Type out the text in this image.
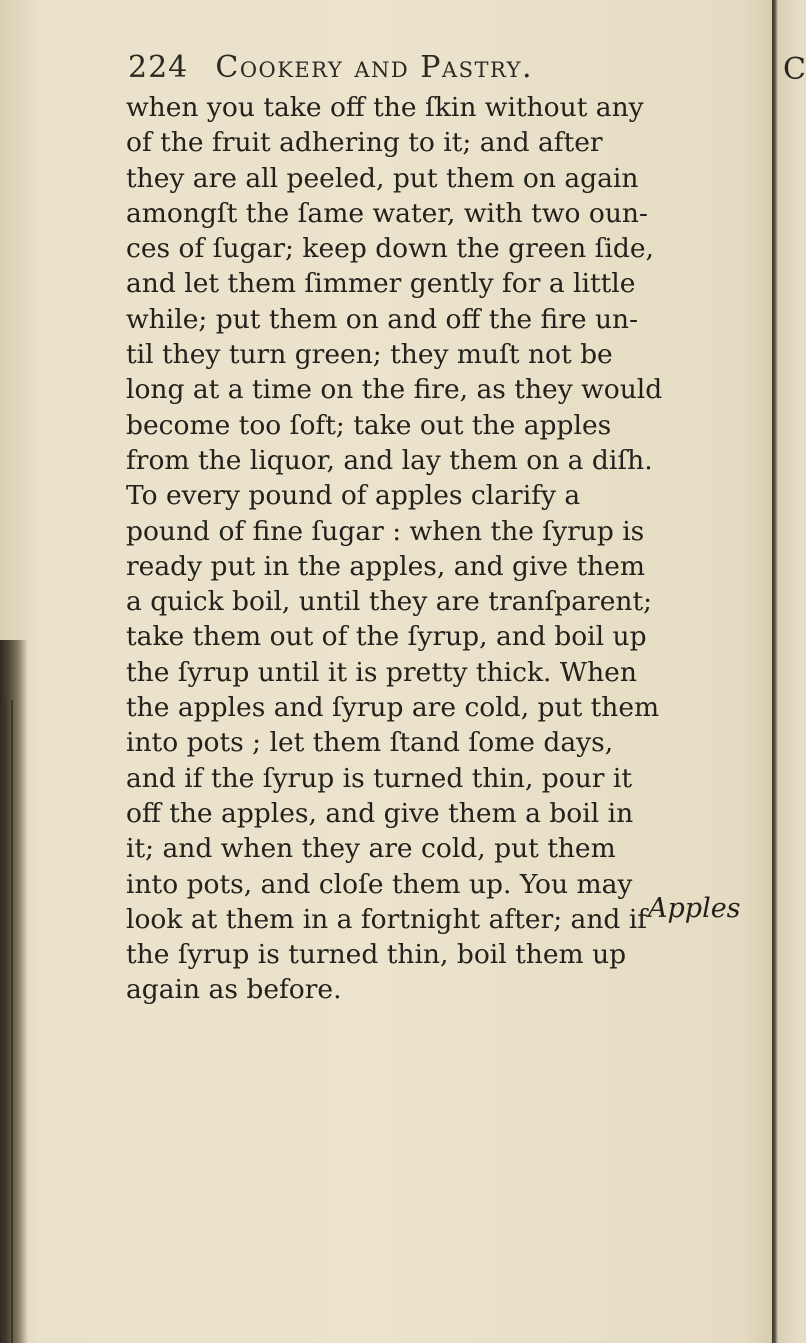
C
224 Cookery and Pastry.
when you take off the ſkin without any
of the fruit adhering to it; and after
they are all peeled, put them on again
amongſt the ſame water, with two oun-
ces of ſugar; keep down the green ſide,
and let them ſimmer gently for a little
while; put them on and off the fire un-
til they turn green; they muſt not be
long at a time on the fire, as they would
become too ſoft; take out the apples
from the liquor, and lay them on a diſh.
To every pound of apples clarify a
pound of fine ſugar : when the ſyrup is
ready put in the apples, and give them
a quick boil, until they are tranſparent;
take them out of the ſyrup, and boil up
the ſyrup until it is pretty thick. When
the apples and ſyrup are cold, put them
into pots ; let them ſtand ſome days,
and if the ſyrup is turned thin, pour it
off the apples, and give them a boil in
it; and when they are cold, put them
into pots, and cloſe them up. You may
look at them in a fortnight after; and if
the ſyrup is turned thin, boil them up
again as before.
Apples
